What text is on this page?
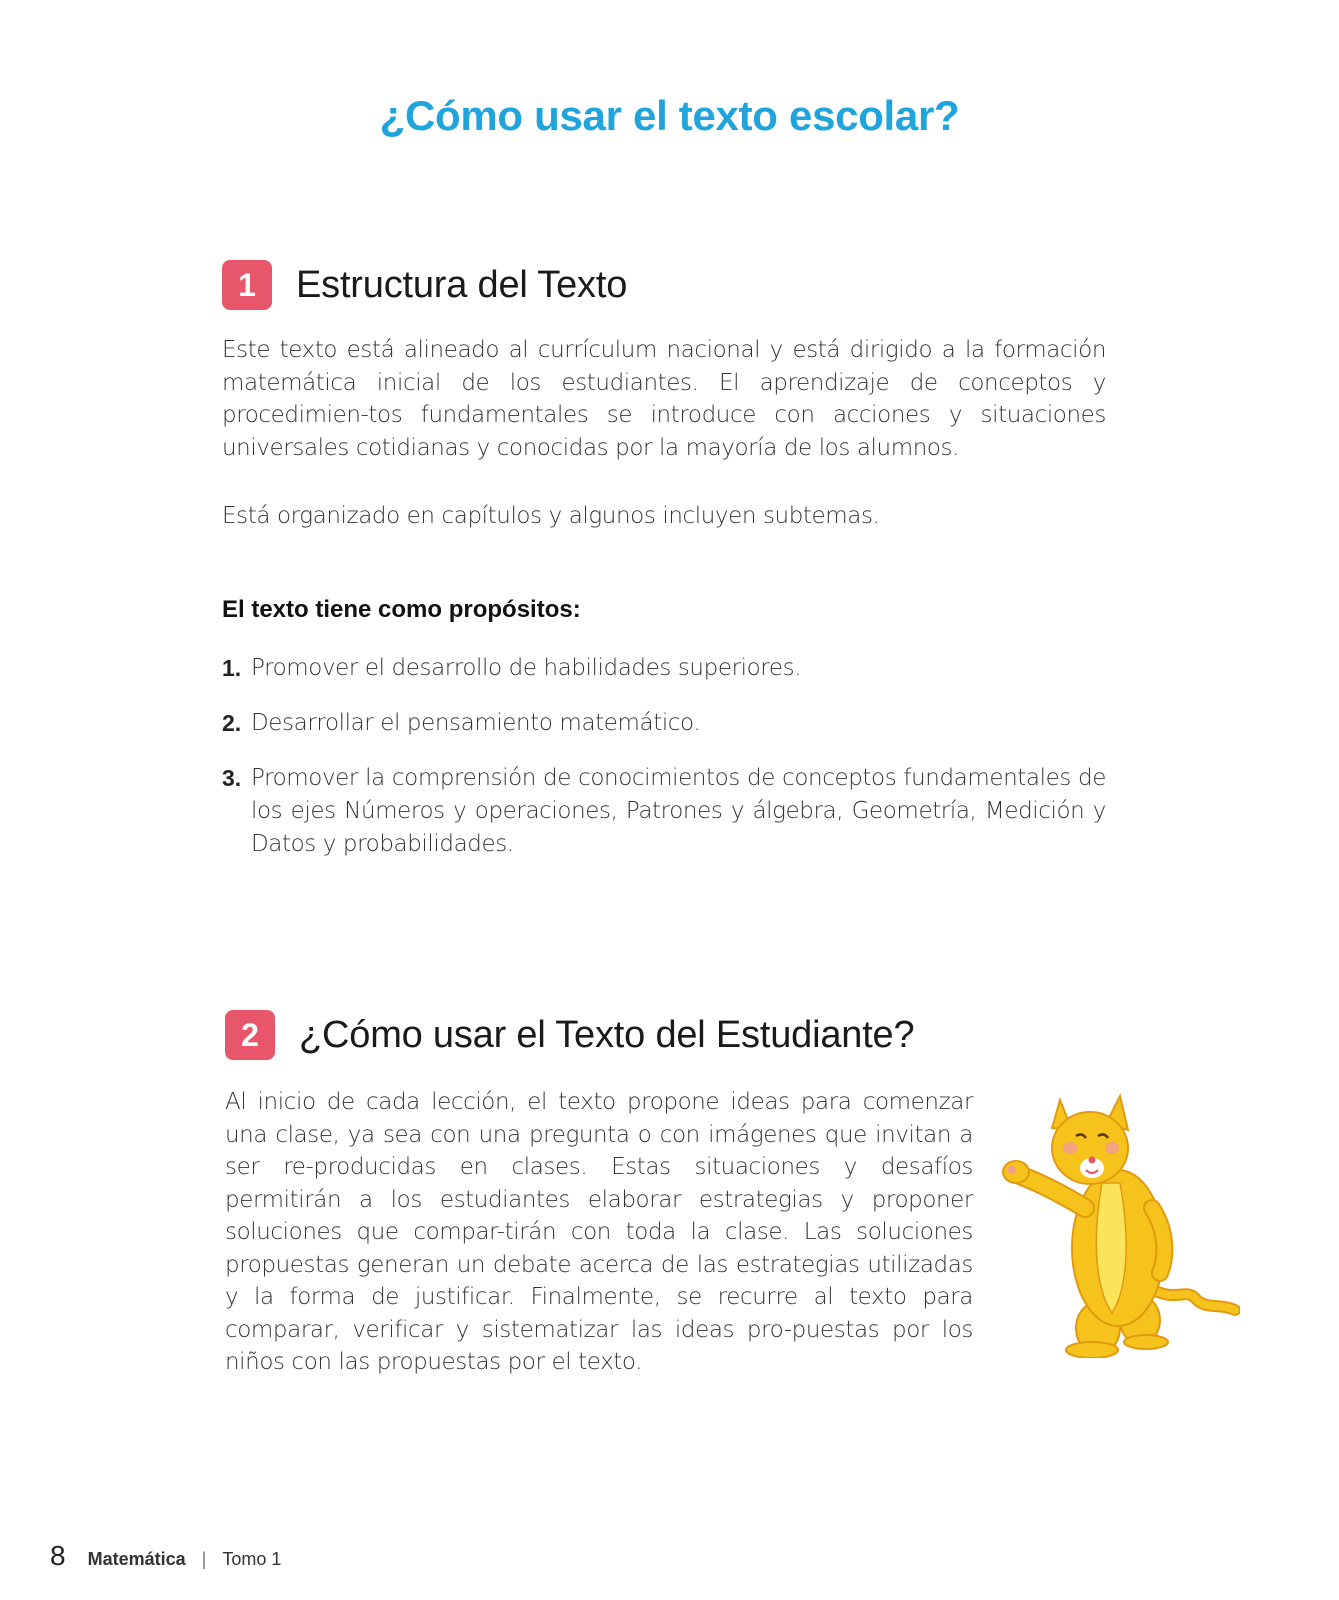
¿Cómo usar el texto escolar?
1	Estructura del Texto

Este texto está alineado al currículum nacional y está dirigido a la formación matemática inicial de los estudiantes. El aprendizaje de conceptos y procedimien-tos fundamentales se introduce con acciones y situaciones universales cotidianas y conocidas por la mayoría de los alumnos.

Está organizado en capítulos y algunos incluyen subtemas.

El texto tiene como propósitos:
1. Promover el desarrollo de habilidades superiores.
2. Desarrollar el pensamiento matemático.
3. Promover la comprensión de conocimientos de conceptos fundamentales de los ejes Números y operaciones, Patrones y álgebra, Geometría, Medición y Datos y probabilidades.
2	¿Cómo usar el Texto del Estudiante?

Al inicio de cada lección, el texto propone ideas para comenzar una clase, ya sea con una pregunta o con imágenes que invitan a ser re-producidas en clases. Estas situaciones y desafíos permitirán a los estudiantes elaborar estrategias y proponer soluciones que compar-tirán con toda la clase. Las soluciones propuestas generan un debate acerca de las estrategias utilizadas y la forma de justificar. Finalmente, se recurre al texto para comparar, verificar y sistematizar las ideas pro-puestas por los niños con las propuestas por el texto.

8 Matemática | Tomo 1
